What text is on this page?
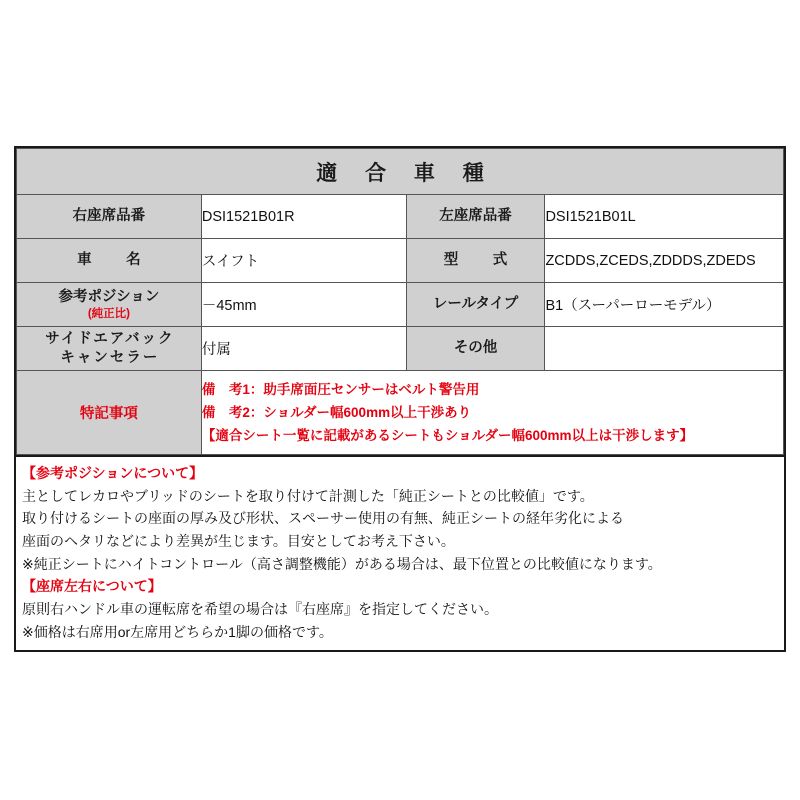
適 合 車 種			
右座席品番	DSI1521B01R	左座席品番	DSI1521B01L
車　名	スイフト	型　式	ZCDDS,ZCEDS,ZDDDS,ZDEDS
参考ポジション
(純正比)	－45mm	レールタイプ	B1（スーパーローモデル）

サイドエアバック
キャンセラー	付属	その他	
特記事項	備　考1：助手席面圧センサーはベルト警告用
備　考2：ショルダー幅600mm以上干渉あり
【適合シート一覧に記載があるシートもショルダー幅600mm以上は干渉します】		
【参考ポジションについて】
主としてレカロやブリッドのシートを取り付けて計測した「純正シートとの比較値」です。
取り付けるシートの座面の厚み及び形状、スペーサー使用の有無、純正シートの経年劣化による
座面のヘタリなどにより差異が生じます。目安としてお考え下さい。
※純正シートにハイトコントロール（高さ調整機能）がある場合は、最下位置との比較値になります。
【座席左右について】
原則右ハンドル車の運転席を希望の場合は『右座席』を指定してください。
※価格は右席用or左席用どちらか1脚の価格です。
